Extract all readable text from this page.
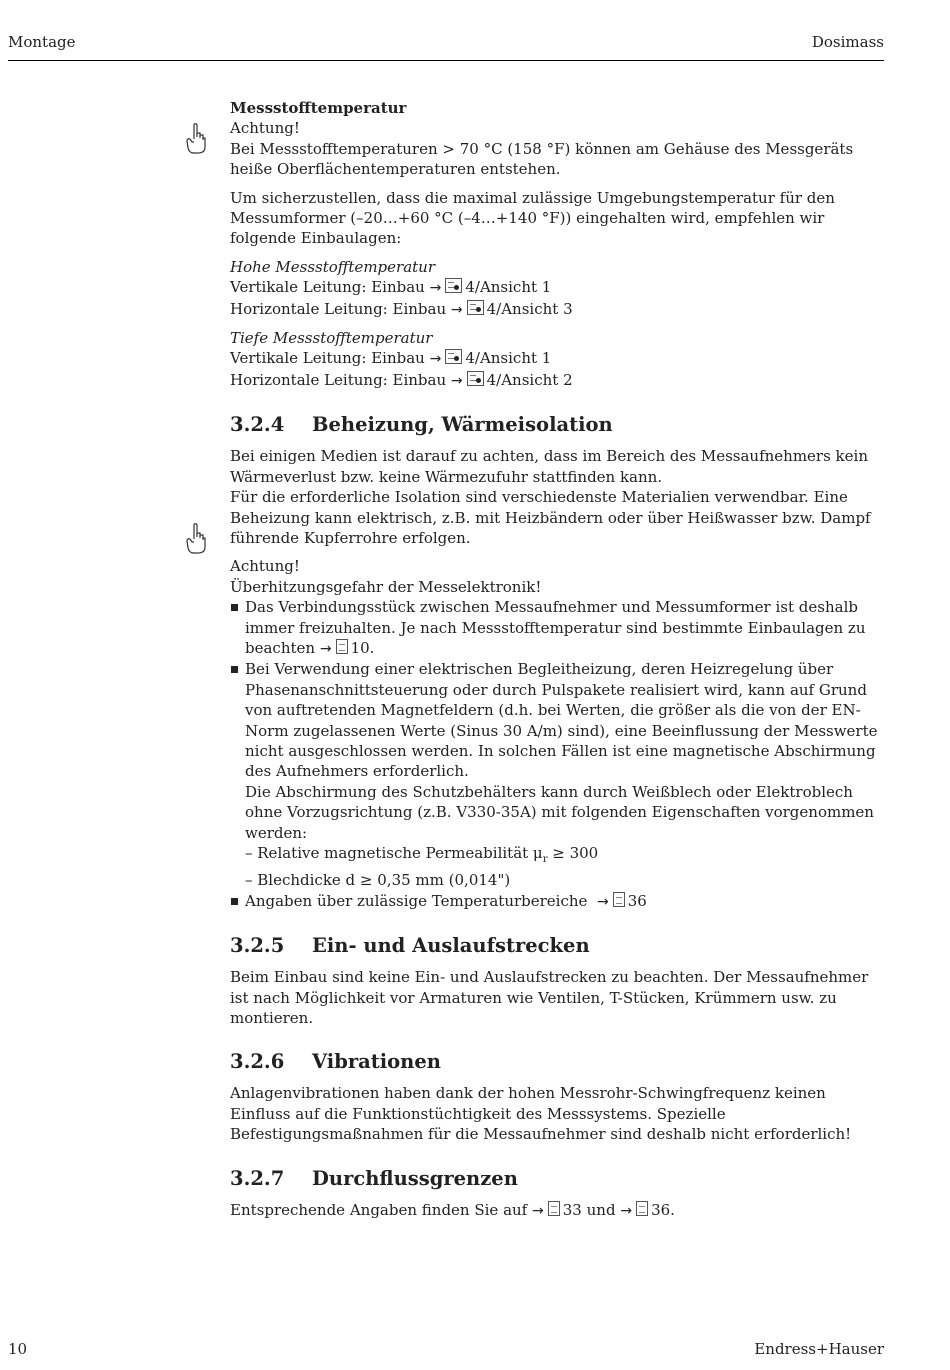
Montage	Dosimass

Messstofftemperatur

Achtung!

Bei Messstofftemperaturen > 70 °C (158 °F) können am Gehäuse des Messgeräts heiße Oberflächentemperaturen entstehen.

Um sicherzustellen, dass die maximal zulässige Umgebungstemperatur für den Messumformer (–20…+60 °C (–4…+140 °F)) eingehalten wird, empfehlen wir folgende Einbaulagen:

Hohe Messstofftemperatur

Vertikale Leitung: Einbau → 4/Ansicht 1

Horizontale Leitung: Einbau → 4/Ansicht 3

Tiefe Messstofftemperatur

Vertikale Leitung: Einbau → 4/Ansicht 1

Horizontale Leitung: Einbau → 4/Ansicht 2

3.2.4 Beheizung, Wärmeisolation

Bei einigen Medien ist darauf zu achten, dass im Bereich des Messaufnehmers kein Wärmeverlust bzw. keine Wärmezufuhr stattfinden kann.

Für die erforderliche Isolation sind verschiedenste Materialien verwendbar. Eine Beheizung kann elektrisch, z.B. mit Heizbändern oder über Heißwasser bzw. Dampf führende Kupferrohre erfolgen.

Achtung!

Überhitzungsgefahr der Messelektronik!

Das Verbindungsstück zwischen Messaufnehmer und Messumformer ist deshalb immer freizuhalten. Je nach Messstofftemperatur sind bestimmte Einbaulagen zu beachten → 10.
Bei Verwendung einer elektrischen Begleitheizung, deren Heizregelung über Phasenanschnittsteuerung oder durch Pulspakete realisiert wird, kann auf Grund von auftretenden Magnetfeldern (d.h. bei Werten, die größer als die von der EN-Norm zugelassenen Werte (Sinus 30 A/m) sind), eine Beeinflussung der Messwerte nicht ausgeschlossen werden. In solchen Fällen ist eine magnetische Abschirmung des Aufnehmers erforderlich.
Die Abschirmung des Schutzbehälters kann durch Weißblech oder Elektroblech ohne Vorzugsrichtung (z.B. V330-35A) mit folgenden Eigenschaften vorgenommen werden:
– Relative magnetische Permeabilität $\mu_r \ge 300$
– Blechdicke d ≥ 0,35 mm (0,014")
Angaben über zulässige Temperaturbereiche → 36
3.2.5 Ein- und Auslaufstrecken

Beim Einbau sind keine Ein- und Auslaufstrecken zu beachten. Der Messaufnehmer ist nach Möglichkeit vor Armaturen wie Ventilen, T-Stücken, Krümmern usw. zu montieren.

3.2.6 Vibrationen

Anlagenvibrationen haben dank der hohen Messrohr-Schwingfrequenz keinen Einfluss auf die Funktionstüchtigkeit des Messsystems. Spezielle Befestigungsmaßnahmen für die Messaufnehmer sind deshalb nicht erforderlich!

3.2.7 Durchflussgrenzen

Entsprechende Angaben finden Sie auf → 33 und → 36.

10	Endress+Hauser
